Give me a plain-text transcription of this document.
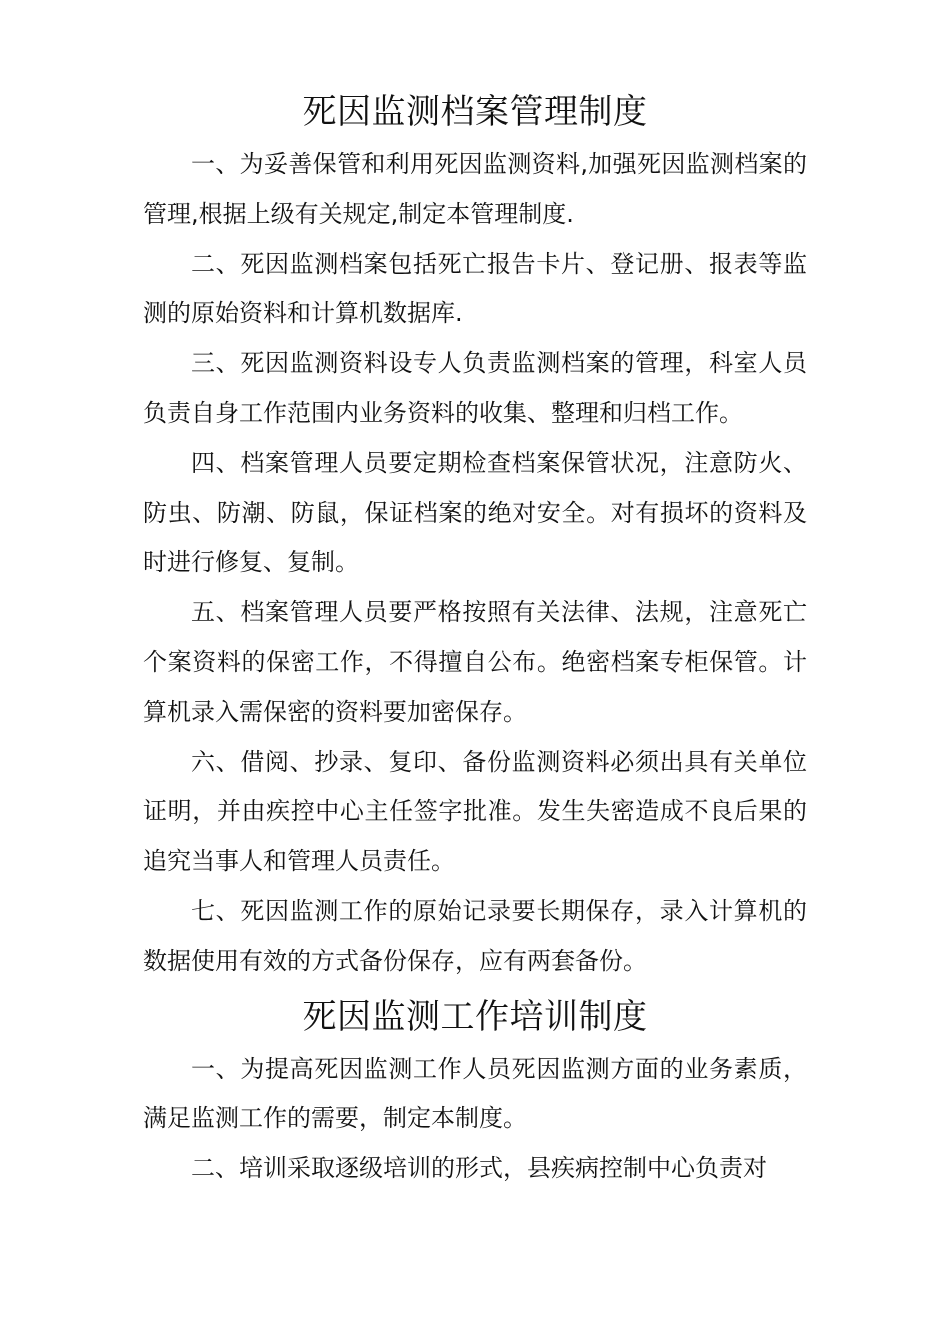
死因监测档案管理制度

一、为妥善保管和利用死因监测资料,加强死因监测档案的管理,根据上级有关规定,制定本管理制度.

二、死因监测档案包括死亡报告卡片、登记册、报表等监测的原始资料和计算机数据库.

三、死因监测资料设专人负责监测档案的管理，科室人员负责自身工作范围内业务资料的收集、整理和归档工作。

四、档案管理人员要定期检查档案保管状况，注意防火、防虫、防潮、防鼠，保证档案的绝对安全。对有损坏的资料及时进行修复、复制。

五、档案管理人员要严格按照有关法律、法规，注意死亡个案资料的保密工作，不得擅自公布。绝密档案专柜保管。计算机录入需保密的资料要加密保存。

六、借阅、抄录、复印、备份监测资料必须出具有关单位证明，并由疾控中心主任签字批准。发生失密造成不良后果的追究当事人和管理人员责任。

七、死因监测工作的原始记录要长期保存，录入计算机的数据使用有效的方式备份保存，应有两套备份。

死因监测工作培训制度

一、为提高死因监测工作人员死因监测方面的业务素质，满足监测工作的需要，制定本制度。

二、培训采取逐级培训的形式，县疾病控制中心负责对
